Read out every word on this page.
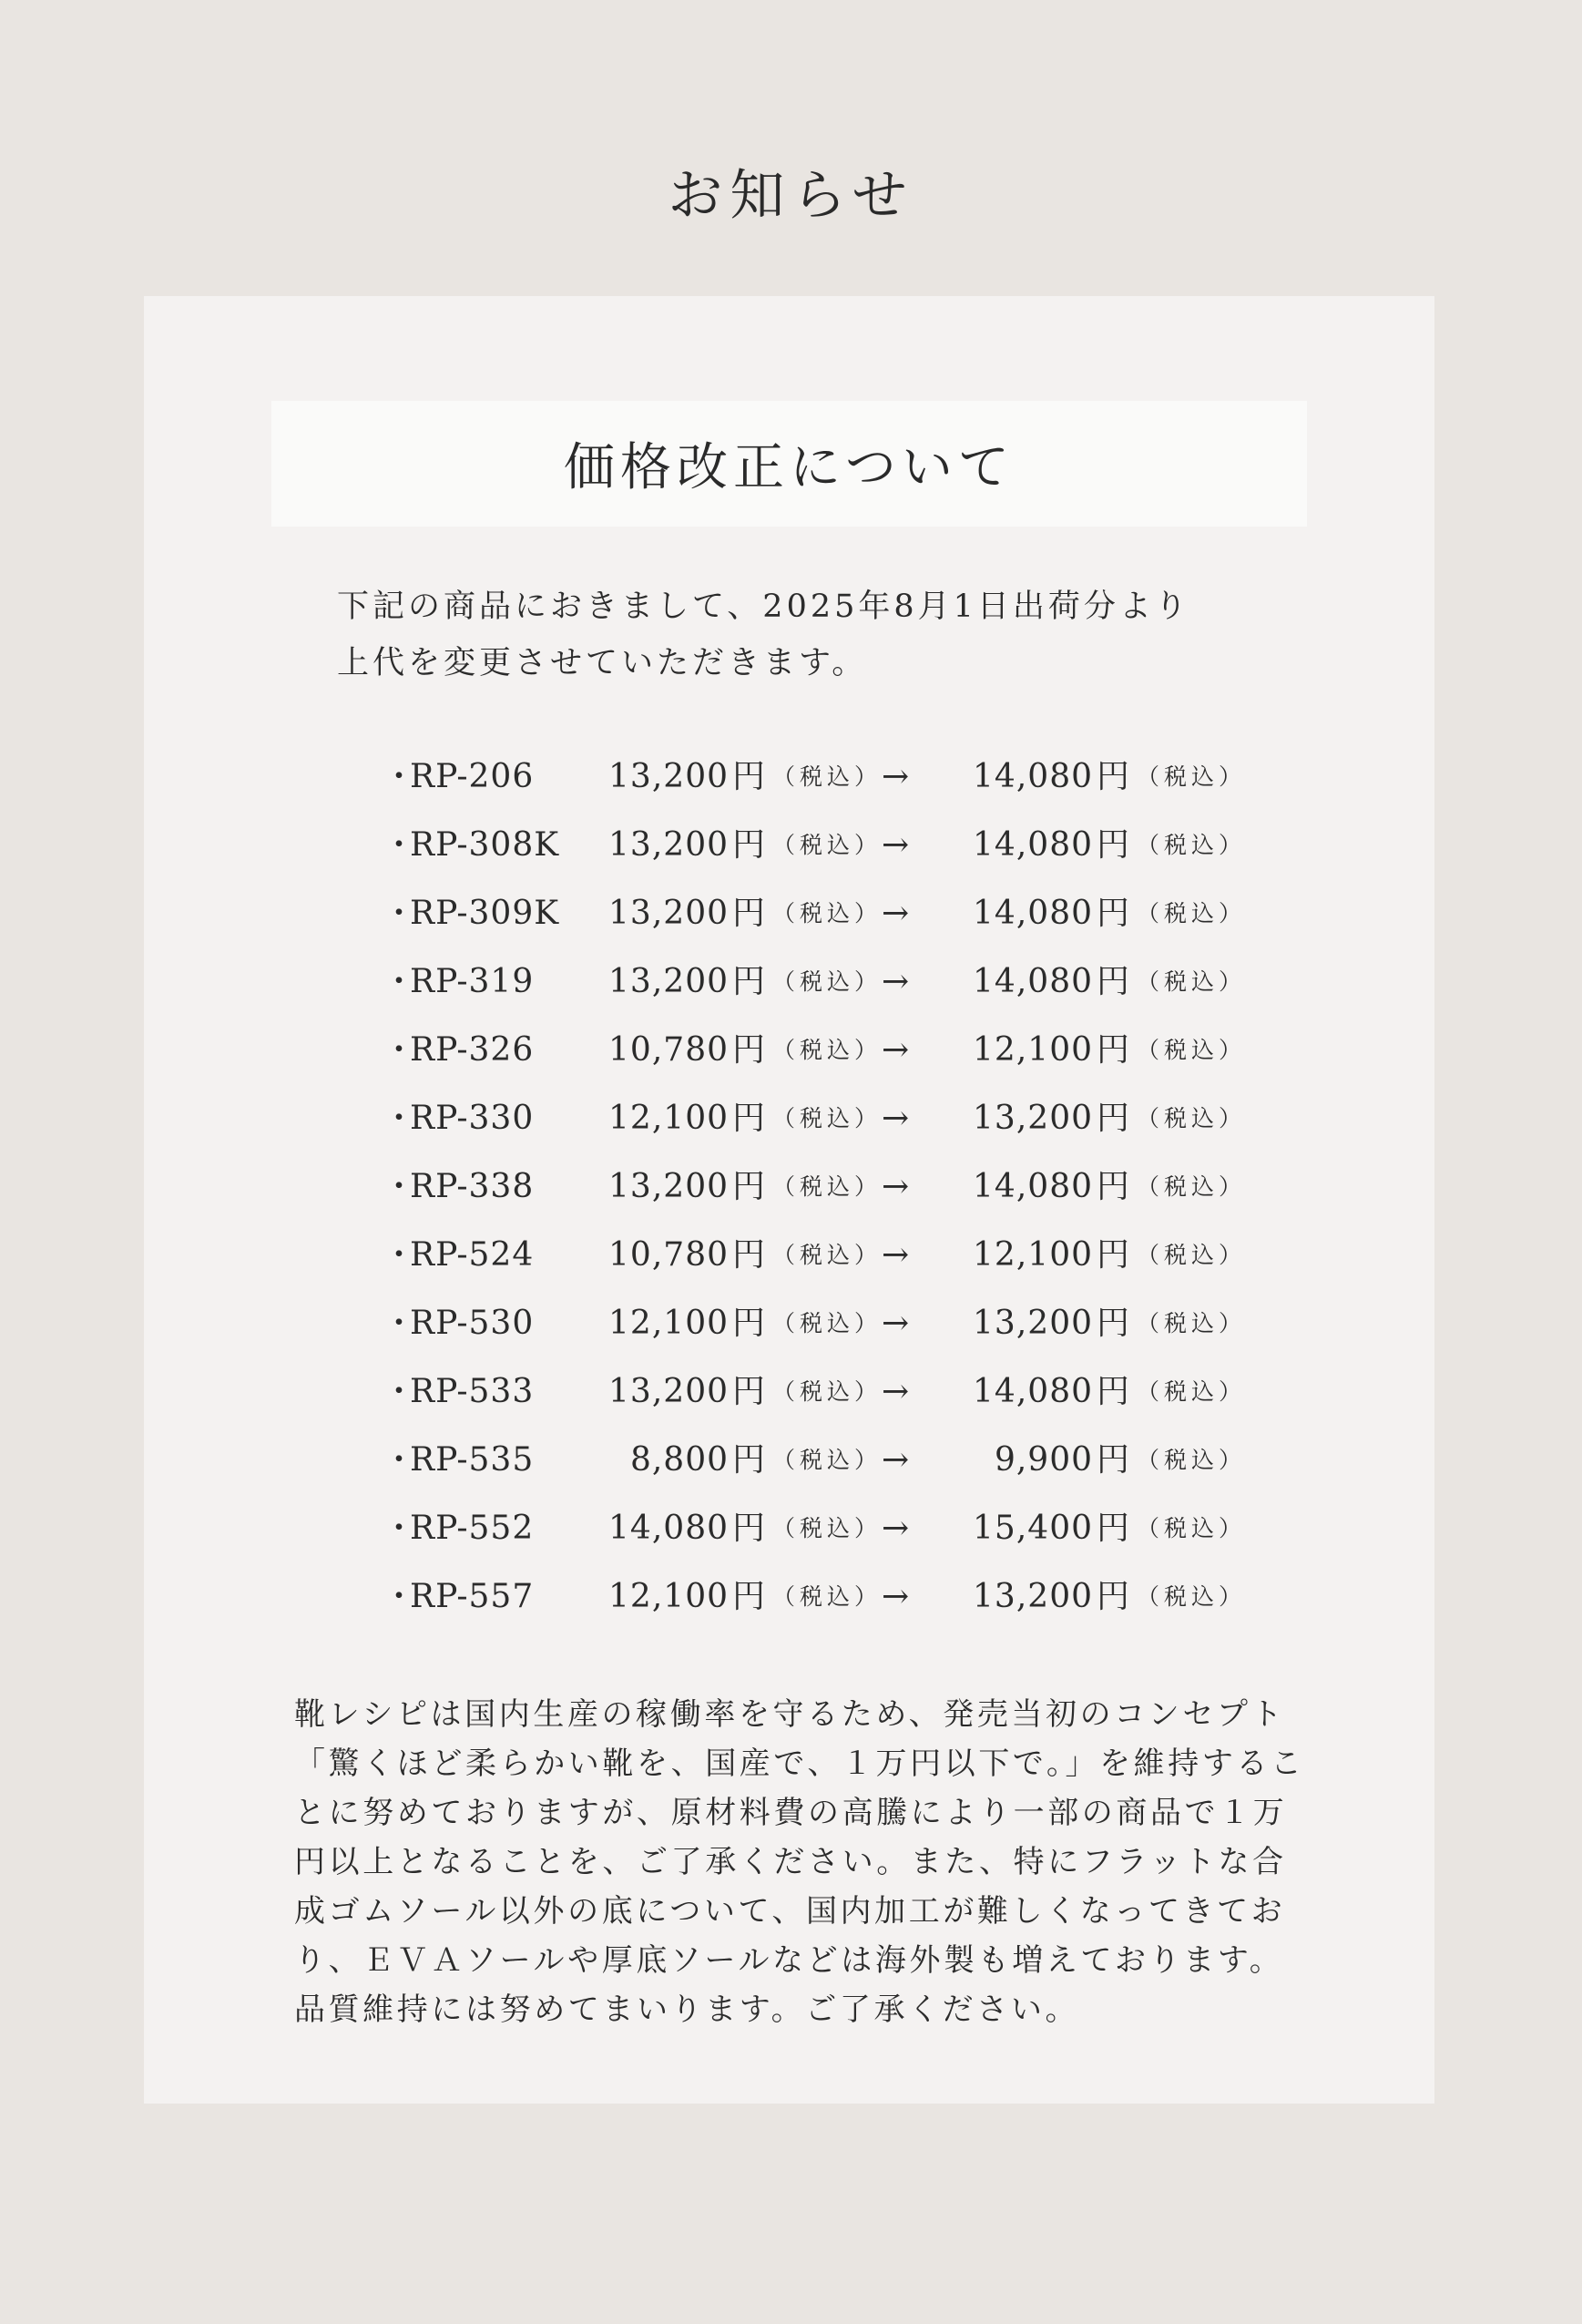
お知らせ
価格改正について
下記の商品におきまして、2025年8月1日出荷分より
上代を変更させていただきます。
・
RP-206	13,200 円 （税込） →	14,080 円 （税込）
・
RP-308K	13,200 円 （税込） →	14,080 円 （税込）
・
RP-309K	13,200 円 （税込） →	14,080 円 （税込）
・
RP-319	13,200 円 （税込） →	14,080 円 （税込）
・
RP-326	10,780 円 （税込） →	12,100 円 （税込）
・
RP-330	12,100 円 （税込） →	13,200 円 （税込）
・
RP-338	13,200 円 （税込） →	14,080 円 （税込）
・
RP-524	10,780 円 （税込） →	12,100 円 （税込）
・
RP-530	12,100 円 （税込） →	13,200 円 （税込）
・
RP-533	13,200 円 （税込） →	14,080 円 （税込）
・
RP-535	8,800 円 （税込） →	9,900 円 （税込）
・
RP-552	14,080 円 （税込） →	15,400 円 （税込）
・
RP-557	12,100 円 （税込） →	13,200 円 （税込）
靴レシピは国内生産の稼働率を守るため、発売当初のコンセプト
「驚くほど柔らかい靴を、国産で、１万円以下で。」を維持するこ
とに努めておりますが、原材料費の高騰により一部の商品で１万
円以上となることを、ご了承ください。また、特にフラットな合
成ゴムソール以外の底について、国内加工が難しくなってきてお
り、ＥＶＡソールや厚底ソールなどは海外製も増えております。
品質維持には努めてまいります。ご了承ください。
